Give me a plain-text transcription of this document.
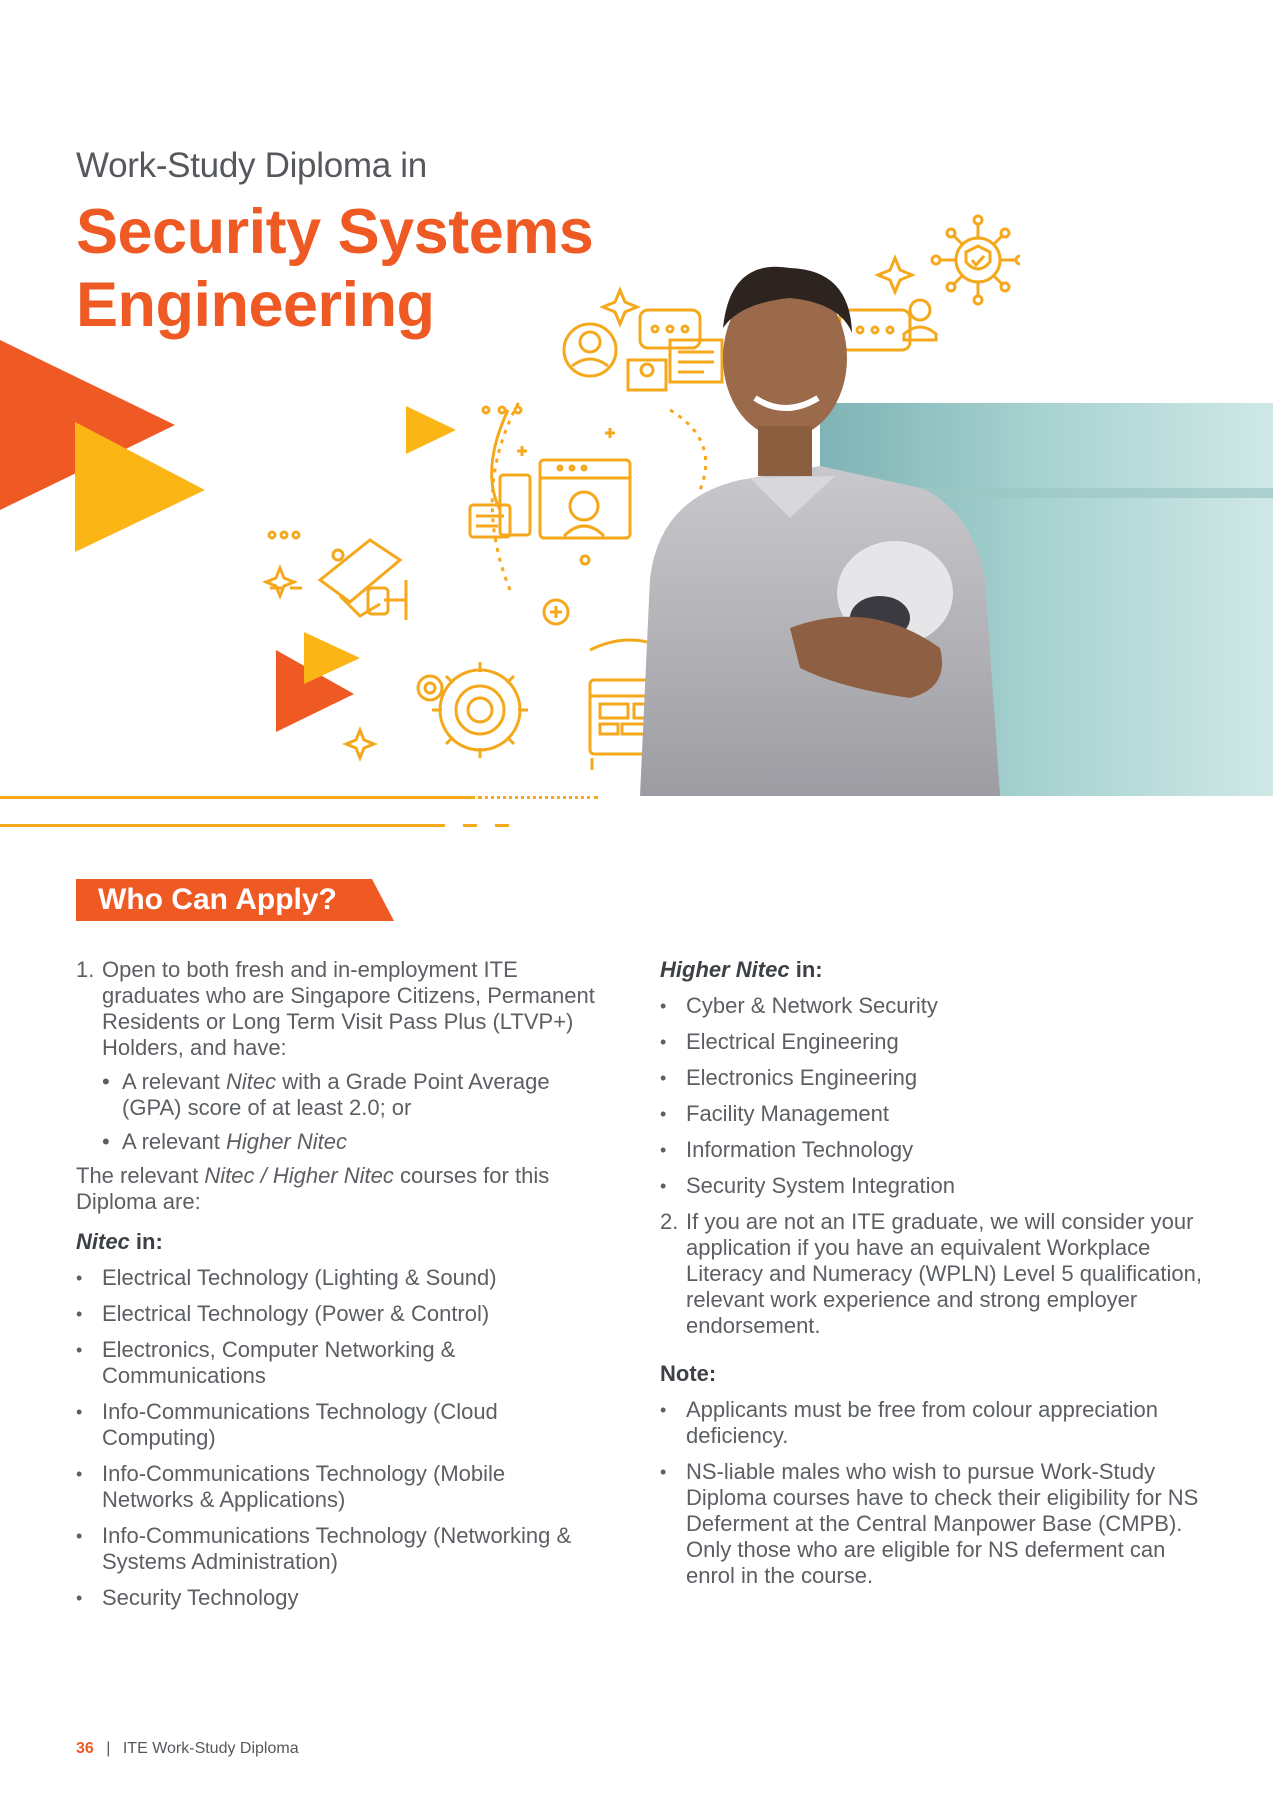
Work-Study Diploma in
Security Systems
Engineering
Who Can Apply?
1. Open to both fresh and in-employment ITE graduates who are Singapore Citizens, Permanent Residents or Long Term Visit Pass Plus (LTVP+) Holders, and have:
• A relevant Nitec with a Grade Point Average (GPA) score of at least 2.0; or
• A relevant Higher Nitec

The relevant Nitec / Higher Nitec courses for this Diploma are:

Nitec in:
• Electrical Technology (Lighting & Sound)
• Electrical Technology (Power & Control)
• Electronics, Computer Networking & Communications
• Info-Communications Technology (Cloud Computing)
• Info-Communications Technology (Mobile Networks & Applications)
• Info-Communications Technology (Networking & Systems Administration)
• Security Technology
Higher Nitec in:
• Cyber & Network Security
• Electrical Engineering
• Electronics Engineering
• Facility Management
• Information Technology
• Security System Integration
2. If you are not an ITE graduate, we will consider your application if you have an equivalent Workplace Literacy and Numeracy (WPLN) Level 5 qualification, relevant work experience and strong employer endorsement.
Note:
• Applicants must be free from colour appreciation deficiency.
• NS-liable males who wish to pursue Work-Study Diploma courses have to check their eligibility for NS Deferment at the Central Manpower Base (CMPB). Only those who are eligible for NS deferment can enrol in the course.
36 | ITE Work-Study Diploma
